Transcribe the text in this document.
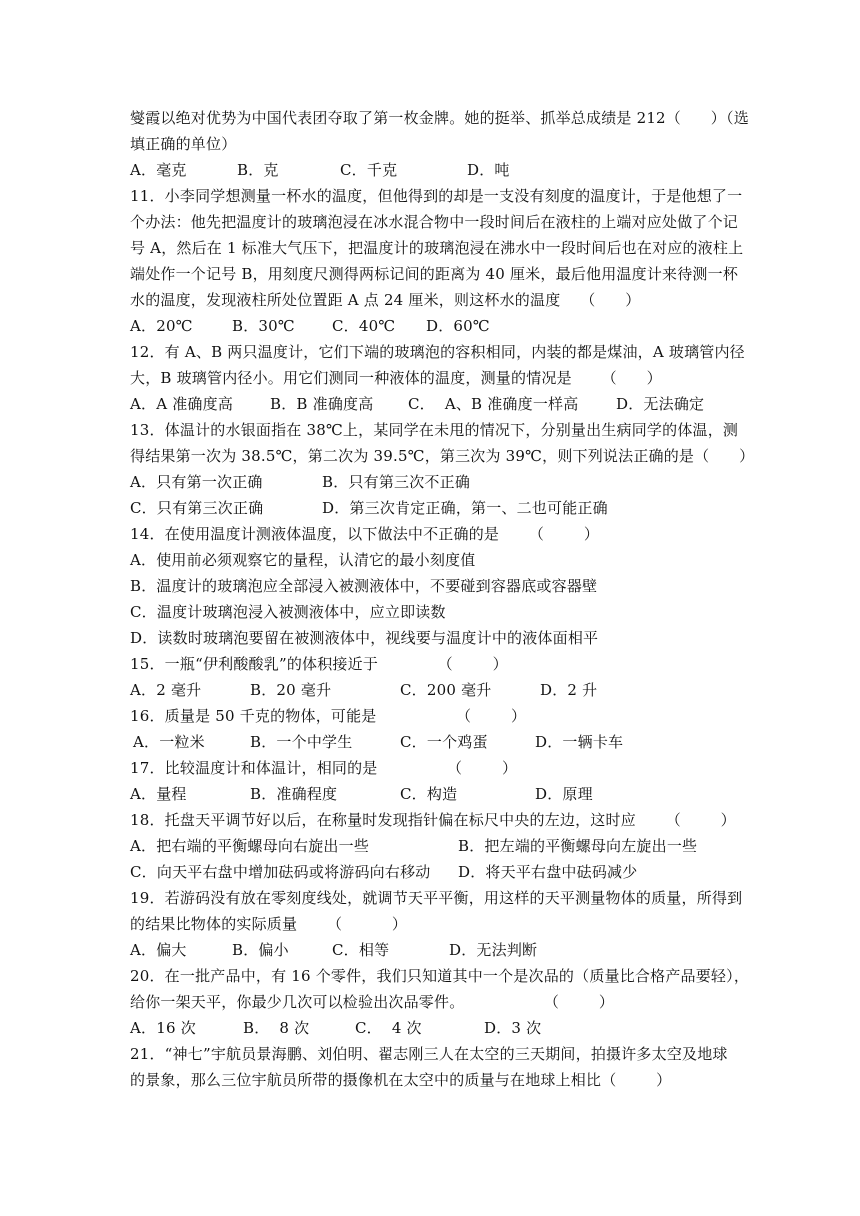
燮霞以绝对优势为中国代表团夺取了第一枚金牌。她的挺举、抓举总成绩是 212（      ）（选
填正确的单位）
A．毫克	B．克	C．千克	D．吨
11．小李同学想测量一杯水的温度，但他得到的却是一支没有刻度的温度计，于是他想了一
个办法：他先把温度计的玻璃泡浸在冰水混合物中一段时间后在液柱的上端对应处做了个记
号 A，然后在 1 标准大气压下，把温度计的玻璃泡浸在沸水中一段时间后也在对应的液柱上
端处作一个记号 B，用刻度尺测得两标记间的距离为 40 厘米，最后他用温度计来待测一杯
水的温度，发现液柱所处位置距 A 点 24 厘米，则这杯水的温度    （      ）
A．20℃	B．30℃ C．40℃ D．60℃
12．有 A、B 两只温度计，它们下端的玻璃泡的容积相同，内装的都是煤油，A 玻璃管内径
大，B 玻璃管内径小。用它们测同一种液体的温度，测量的情况是      （      ）
A．A 准确度高 B．B 准确度高 C．  A、B 准确度一样高	D．无法确定
13．体温计的水银面指在 38℃上，某同学在未甩的情况下，分别量出生病同学的体温，测
得结果第一次为 38.5℃，第二次为 39.5℃，第三次为 39℃，则下列说法正确的是（      ）
A．只有第一次正确	B．只有第三次不正确
C．只有第三次正确	D．第三次肯定正确，第一、二也可能正确
14．在使用温度计测液体温度，以下做法中不正确的是      （        ）
A．使用前必须观察它的量程，认清它的最小刻度值
B．温度计的玻璃泡应全部浸入被测液体中，不要碰到容器底或容器壁
C．温度计玻璃泡浸入被测液体中，应立即读数
D．读数时玻璃泡要留在被测液体中，视线要与温度计中的液体面相平
15．一瓶“伊利酸酸乳”的体积接近于            （        ）
A．2 毫升	B．20 毫升	C．200 毫升	D．2 升
16．质量是 50 千克的物体，可能是                （        ）
A．一粒米	B．一个中学生	C．一个鸡蛋	D．一辆卡车
17．比较温度计和体温计，相同的是              （        ）
A．量程	B．准确程度	C．构造	D．原理
18．托盘天平调节好以后，在称量时发现指针偏在标尺中央的左边，这时应      （        ）
A．把右端的平衡螺母向右旋出一些	B．把左端的平衡螺母向左旋出一些
C．向天平右盘中增加砝码或将游码向右移动 D．将天平右盘中砝码减少
19．若游码没有放在零刻度线处，就调节天平平衡，用这样的天平测量物体的质量，所得到
的结果比物体的实际质量      （          ）
A．偏大	B．偏小	C．相等	D．无法判断
20．在一批产品中，有 16 个零件，我们只知道其中一个是次品的（质量比合格产品要轻），
给你一架天平，你最少几次可以检验出次品零件。                （        ）
A．16 次	B．  8 次	C．  4 次	D．3 次
21．“神七”宇航员景海鹏、刘伯明、翟志刚三人在太空的三天期间，拍摄许多太空及地球
的景象，那么三位宇航员所带的摄像机在太空中的质量与在地球上相比（        ）
